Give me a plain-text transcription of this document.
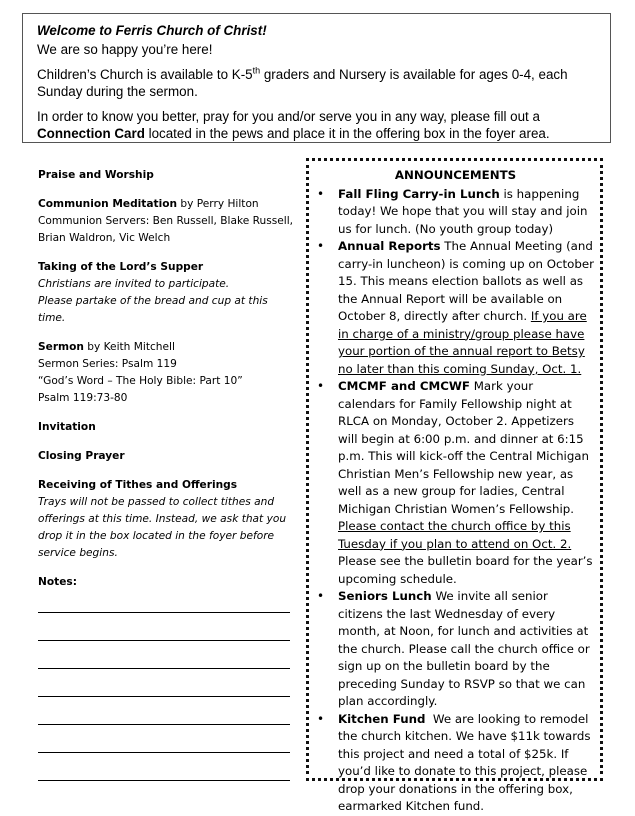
Welcome to Ferris Church of Christ!

We are so happy you’re here!

Children’s Church is available to K-5th graders and Nursery is available for ages 0-4, each Sunday during the sermon.

In order to know you better, pray for you and/or serve you in any way, please fill out a Connection Card located in the pews and place it in the offering box in the foyer area.

Praise and Worship
Communion Meditation by Perry Hilton
Communion Servers: Ben Russell, Blake Russell, Brian Waldron, Vic Welch
Taking of the Lord’s Supper
Christians are invited to participate.
Please partake of the bread and cup at this time.
Sermon by Keith Mitchell
Sermon Series: Psalm 119
“God’s Word – The Holy Bible: Part 10”
Psalm 119:73-80
Invitation
Closing Prayer
Receiving of Tithes and Offerings
Trays will not be passed to collect tithes and offerings at this time. Instead, we ask that you drop it in the box located in the foyer before service begins.
Notes:
ANNOUNCEMENTS
• Fall Fling Carry-in Lunch is happening today! We hope that you will stay and join us for lunch. (No youth group today)
• Annual Reports The Annual Meeting (and carry-in luncheon) is coming up on October 15. This means election ballots as well as the Annual Report will be available on October 8, directly after church. If you are in charge of a ministry/group please have your portion of the annual report to Betsy no later than this coming Sunday, Oct. 1.
• CMCMF and CMCWF Mark your calendars for Family Fellowship night at RLCA on Monday, October 2. Appetizers will begin at 6:00 p.m. and dinner at 6:15 p.m. This will kick-off the Central Michigan Christian Men’s Fellowship new year, as well as a new group for ladies, Central Michigan Christian Women’s Fellowship. Please contact the church office by this Tuesday if you plan to attend on Oct. 2. Please see the bulletin board for the year’s upcoming schedule.
• Seniors Lunch We invite all senior citizens the last Wednesday of every month, at Noon, for lunch and activities at the church. Please call the church office or sign up on the bulletin board by the preceding Sunday to RSVP so that we can plan accordingly.
• Kitchen Fund  We are looking to remodel the church kitchen. We have $11k towards this project and need a total of $25k. If you’d like to donate to this project, please drop your donations in the offering box, earmarked Kitchen fund.
